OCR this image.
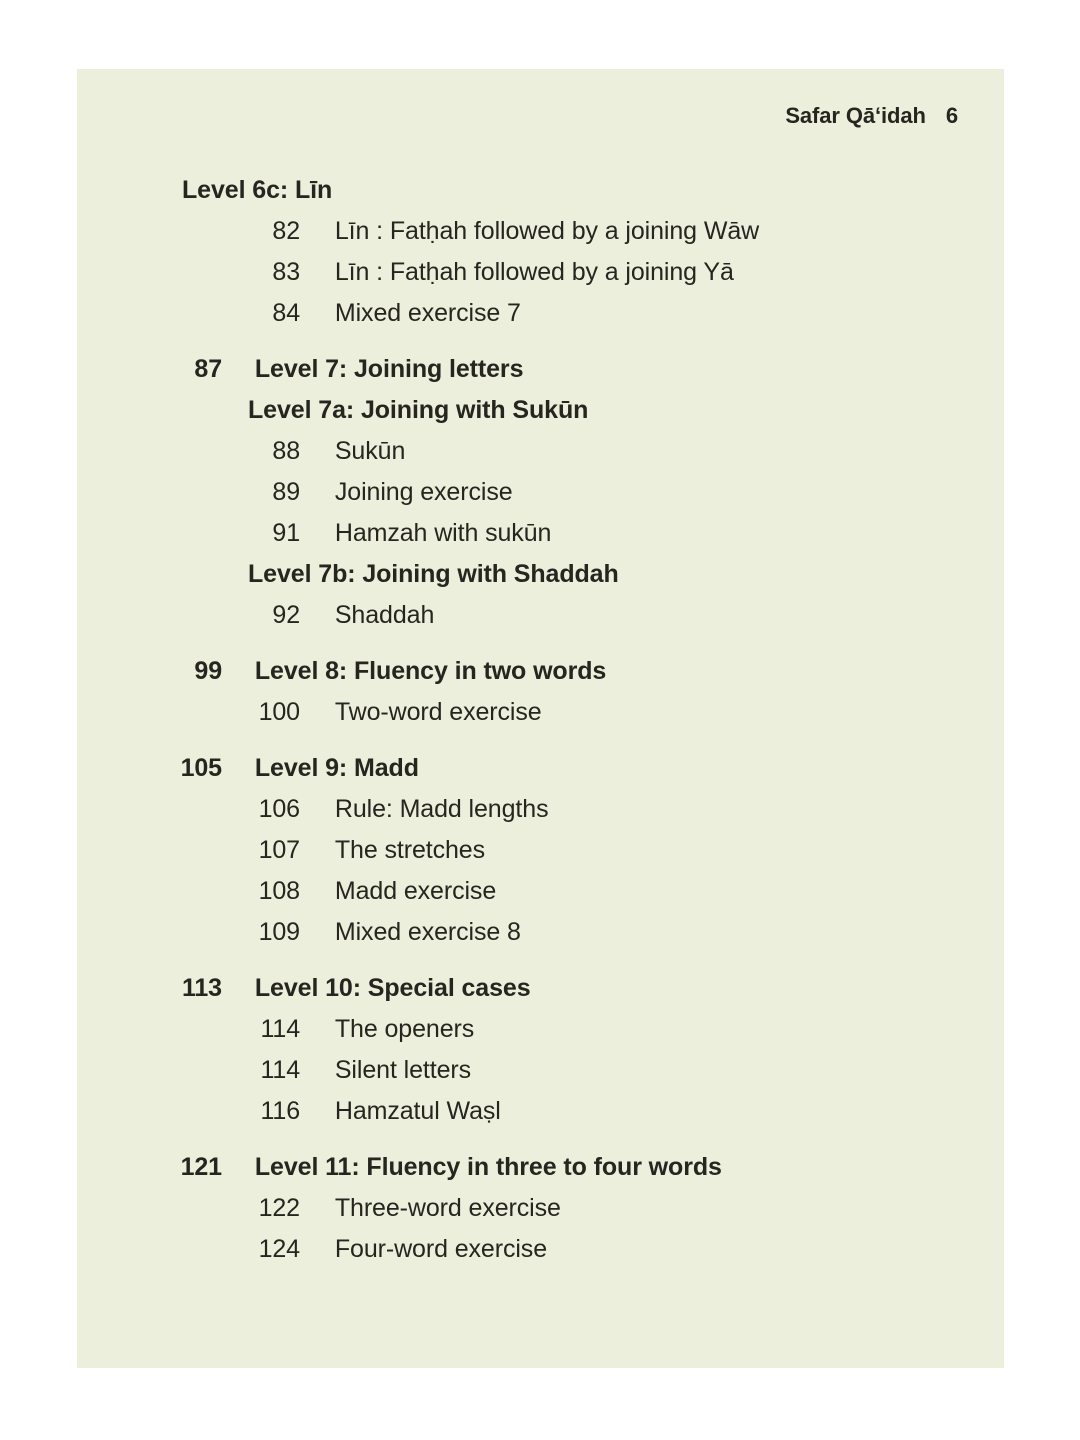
Safar Qā‘idah 6
Level 6c: Līn
82 Līn : Fatḥah followed by a joining Wāw
83 Līn : Fatḥah followed by a joining Yā
84 Mixed exercise 7
87 Level 7: Joining letters
Level 7a: Joining with Sukūn
88 Sukūn
89 Joining exercise
91 Hamzah with sukūn
Level 7b: Joining with Shaddah
92 Shaddah
99 Level 8: Fluency in two words
100 Two-word exercise
105 Level 9: Madd
106 Rule: Madd lengths
107 The stretches
108 Madd exercise
109 Mixed exercise 8
113 Level 10: Special cases
114 The openers
114 Silent letters
116 Hamzatul Waṣl
121 Level 11: Fluency in three to four words
122 Three-word exercise
124 Four-word exercise
